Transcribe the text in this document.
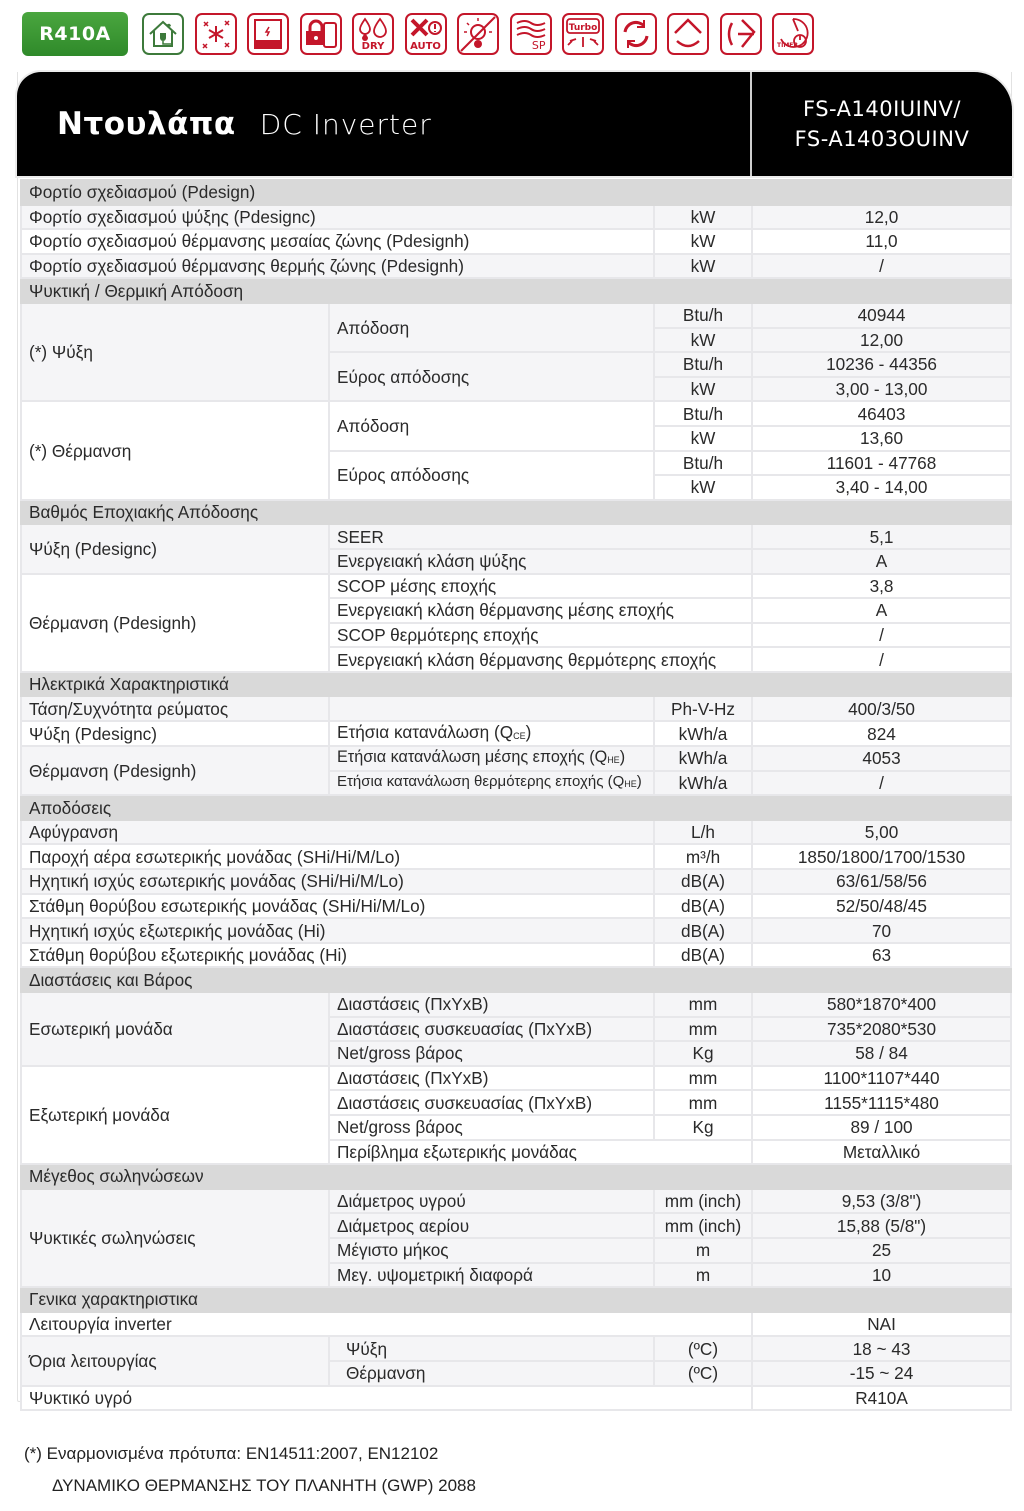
R410A
DRY	AUTO	SP
Turbo
TIMER
Ντουλάπα DC Inverter	FS-A140IUINV/
FS-A1403OUINV
Φορτίο σχεδιασμού (Pdesign)			
Φορτίο σχεδιασμού ψύξης (Pdesignc)		kW	12,0
Φορτίο σχεδιασμού θέρμανσης μεσαίας ζώνης (Pdesignh)		kW	11,0
Φορτίο σχεδιασμού θέρμανσης θερμής ζώνης (Pdesignh)		kW	/
Ψυκτική / Θερμική Απόδοση			
(*) Ψύξη	Απόδοση	Btu/h	40944
		kW	12,00
	Εύρος απόδοσης	Btu/h	10236 - 44356
		kW	3,00 - 13,00
(*) Θέρμανση	Απόδοση	Btu/h	46403
		kW	13,60
	Εύρος απόδοσης	Btu/h	11601 - 47768
		kW	3,40 - 14,00
Βαθμός Εποχιακής Απόδοσης			
Ψύξη (Pdesignc)	SEER		5,1
	Ενεργειακή κλάση ψύξης		A
Θέρμανση (Pdesignh)	SCOP μέσης εποχής		3,8
	Ενεργειακή κλάση θέρμανσης μέσης εποχής		A
	SCOP θερμότερης εποχής		/
	Ενεργειακή κλάση θέρμανσης θερμότερης εποχής		/
Ηλεκτρικά Χαρακτηριστικά			
Τάση/Συχνότητα ρεύματος		Ph-V-Hz	400/3/50
Ψύξη (Pdesignc)	Ετήσια κατανάλωση $(Q_{CE})$	kWh/a	824
Θέρμανση (Pdesignh)	Ετήσια κατανάλωση μέσης εποχής $(Q_{HE})$	kWh/a	4053
	Ετήσια κατανάλωση θερμότερης εποχής $(Q_{HE})$	kWh/a	/
Αποδόσεις			
Αφύγρανση		L/h	5,00
Παροχή αέρα εσωτερικής μονάδας (SHi/Hi/M/Lo)		m³/h	1850/1800/1700/1530
Ηχητική ισχύς εσωτερικής μονάδας (SHi/Hi/M/Lo)		dB(A)	63/61/58/56
Στάθμη θορύβου εσωτερικής μονάδας (SHi/Hi/M/Lo)		dB(A)	52/50/48/45
Ηχητική ισχύς εξωτερικής μονάδας (Hi)		dB(A)	70
Στάθμη θορύβου εξωτερικής μονάδας (Hi)		dB(A)	63
Διαστάσεις και Βάρος			
Εσωτερική μονάδα	Διαστάσεις (ΠxYxB)	mm	580*1870*400
	Διαστάσεις συσκευασίας (ΠxYxB)	mm	735*2080*530
	Net/gross βάρος	Kg	58 / 84
Εξωτερική μονάδα	Διαστάσεις (ΠxYxB)	mm	1100*1107*440
	Διαστάσεις συσκευασίας (ΠxYxB)	mm	1155*1115*480
	Net/gross βάρος	Kg	89 / 100
	Περίβλημα εξωτερικής μονάδας		Μεταλλικό
Μέγεθος σωληνώσεων			
Ψυκτικές σωληνώσεις	Διάμετρος υγρού	mm (inch)	9,53 (3/8")
	Διάμετρος αερίου	mm (inch)	15,88 (5/8")
	Μέγιστο μήκος	m	25
	Μεγ. υψομετρική διαφορά	m	10
Γενικα χαρακτηριστικα			
Λειτουργία inverter			NAI
Όρια λειτουργίας	Ψύξη	(ºC)	18 ~ 43
	Θέρμανση	(ºC)	-15 ~ 24
Ψυκτικό υγρό			R410A
(*) Εναρμονισμένα πρότυπα: EN14511:2007, EN12102
ΔΥΝΑΜΙΚΟ ΘΕΡΜΑΝΣΗΣ ΤΟΥ ΠΛΑΝΗΤΗ (GWP) 2088
